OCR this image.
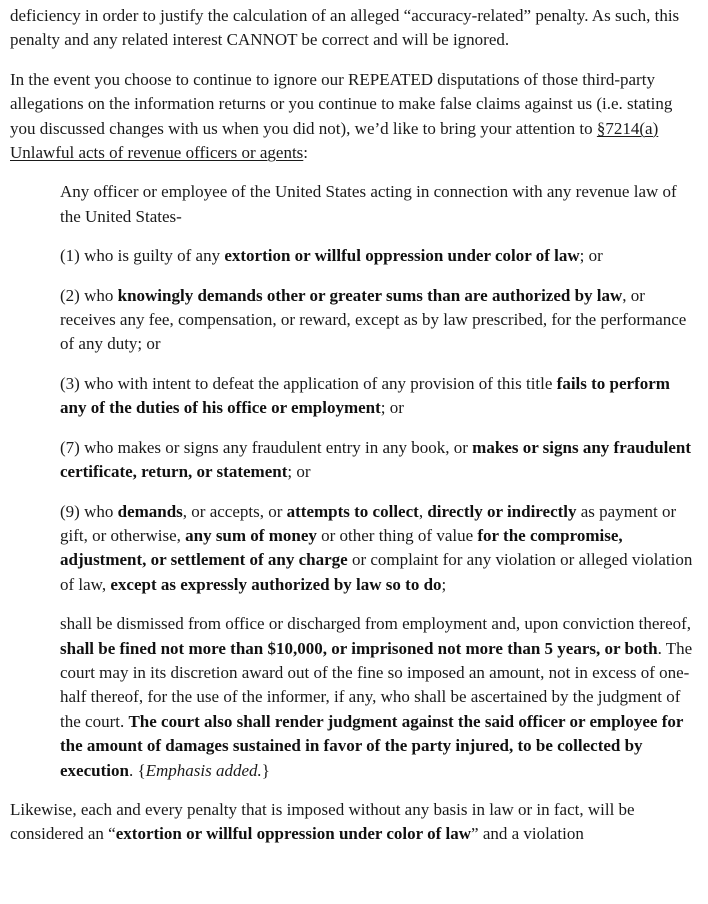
deficiency in order to justify the calculation of an alleged “accuracy-related” penalty. As such, this penalty and any related interest CANNOT be correct and will be ignored.

In the event you choose to continue to ignore our REPEATED disputations of those third-party allegations on the information returns or you continue to make false claims against us (i.e. stating you discussed changes with us when you did not), we’d like to bring your attention to §7214(a) Unlawful acts of revenue officers or agents:

Any officer or employee of the United States acting in connection with any revenue law of the United States-

(1) who is guilty of any extortion or willful oppression under color of law; or

(2) who knowingly demands other or greater sums than are authorized by law, or receives any fee, compensation, or reward, except as by law prescribed, for the performance of any duty; or

(3) who with intent to defeat the application of any provision of this title fails to perform any of the duties of his office or employment; or

(7) who makes or signs any fraudulent entry in any book, or makes or signs any fraudulent certificate, return, or statement; or

(9) who demands, or accepts, or attempts to collect, directly or indirectly as payment or gift, or otherwise, any sum of money or other thing of value for the compromise, adjustment, or settlement of any charge or complaint for any violation or alleged violation of law, except as expressly authorized by law so to do;

shall be dismissed from office or discharged from employment and, upon conviction thereof, shall be fined not more than $10,000, or imprisoned not more than 5 years, or both. The court may in its discretion award out of the fine so imposed an amount, not in excess of one-half thereof, for the use of the informer, if any, who shall be ascertained by the judgment of the court. The court also shall render judgment against the said officer or employee for the amount of damages sustained in favor of the party injured, to be collected by execution. {Emphasis added.}

Likewise, each and every penalty that is imposed without any basis in law or in fact, will be considered an “extortion or willful oppression under color of law” and a violation
